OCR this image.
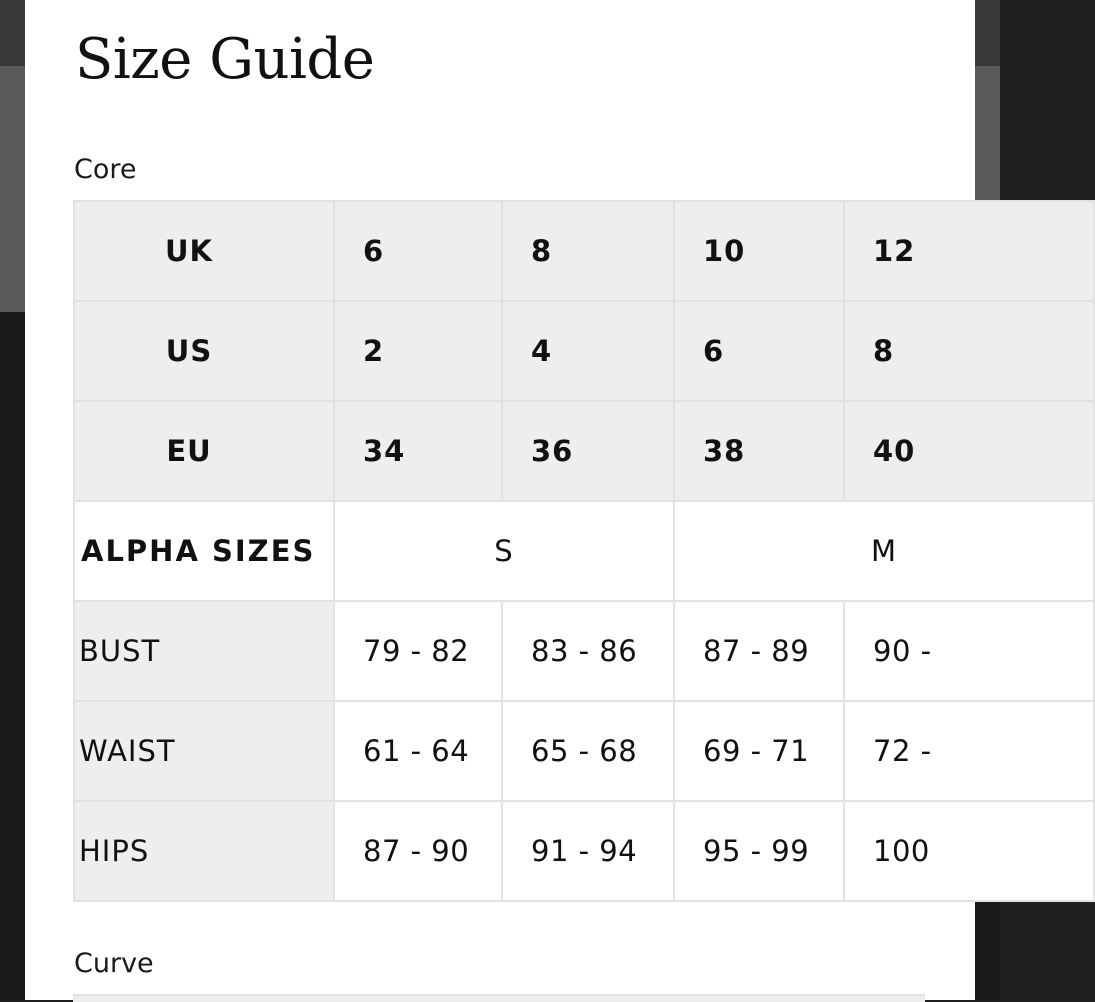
Size Guide
Core
UK	6	8	10	12
US	2	4	6	8
EU	34	36	38	40
ALPHA SIZES	S		M	
BUST	79 - 82	83 - 86	87 - 89	90 -
WAIST	61 - 64	65 - 68	69 - 71	72 -
HIPS	87 - 90	91 - 94	95 - 99	100
Curve
